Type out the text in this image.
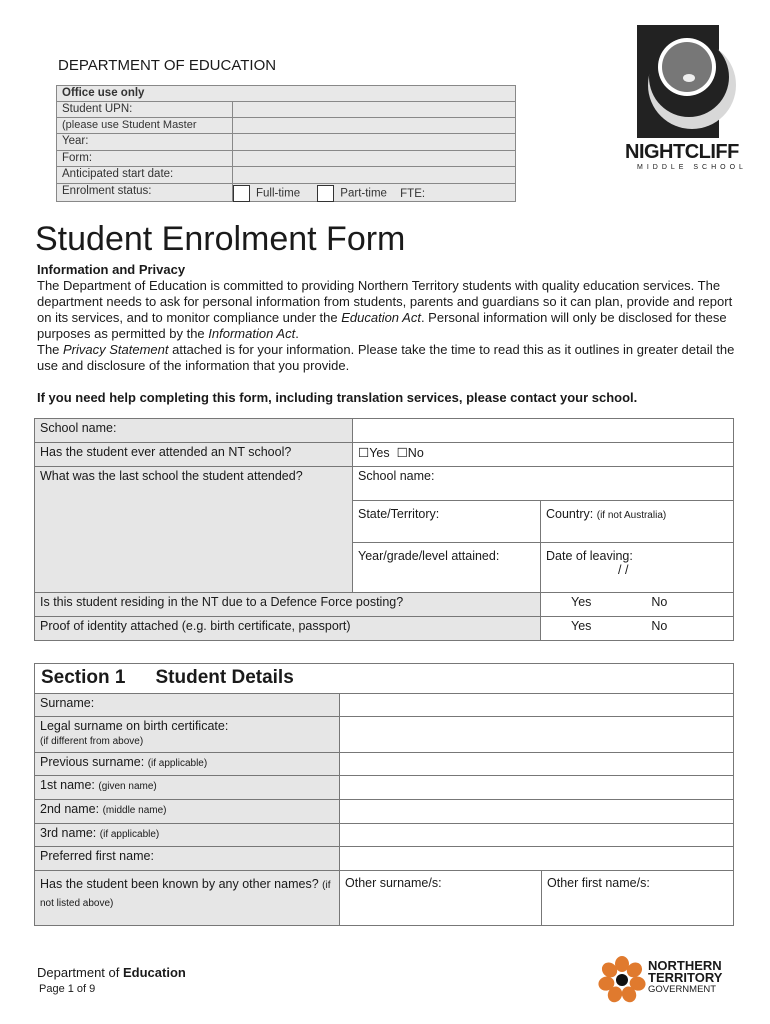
DEPARTMENT OF EDUCATION
Office use only
Student UPN:
(please use Student Master
Year:
Form:
Anticipated start date:
Enrolment status:	Full-time	Part-time FTE:
NIGHTCLIFF
MIDDLE SCHOOL
Student Enrolment Form

Information and Privacy

The Department of Education is committed to providing Northern Territory students with quality education services. The department needs to ask for personal information from students, parents and guardians so it can plan, provide and report on its services, and to monitor compliance under the Education Act. Personal information will only be disclosed for these purposes as permitted by the Information Act.

The Privacy Statement attached is for your information. Please take the time to read this as it outlines in greater detail the use and disclosure of the information that you provide.

If you need help completing this form, including translation services, please contact your school.

School name:
Has the student ever attended an NT school?	☐Yes ☐No
What was the last school the student attended?	School name:
State/Territory:	Country: (if not Australia)
Year/grade/level attained:	Date of leaving:
/ /
Is this student residing in the NT due to a Defence Force posting?	Yes	No
Proof of identity attached (e.g. birth certificate, passport)	Yes	No
Section 1 Student Details
Surname:
Legal surname on birth certificate:
(if different from above)
Previous surname: (if applicable)
1st name: (given name)
2nd name: (middle name)
3rd name: (if applicable)
Preferred first name:
Has the student been known by any other names? (if not listed above)
Other surname/s:	Other first name/s:
Department of Education
Page 1 of 9
NORTHERN
TERRITORY
GOVERNMENT
